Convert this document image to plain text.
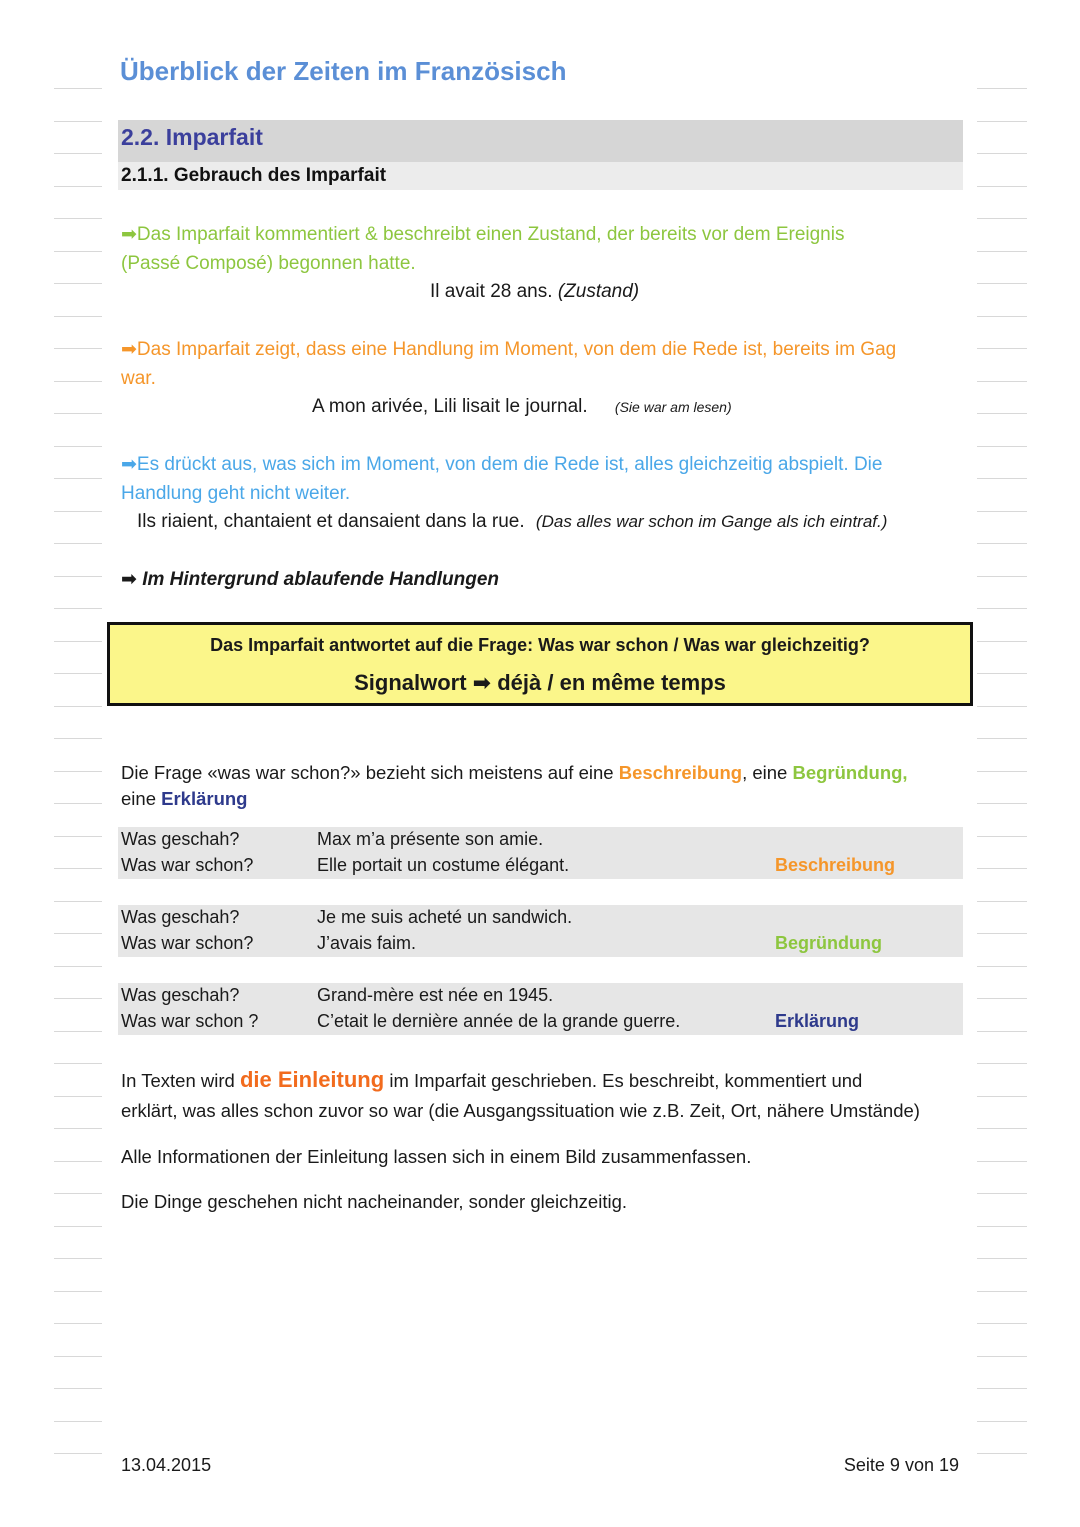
Überblick der Zeiten im Französisch
2.2. Imparfait
2.1.1. Gebrauch des Imparfait
➡Das Imparfait kommentiert & beschreibt einen Zustand, der bereits vor dem Ereignis
(Passé Composé) begonnen hatte.
Il avait 28 ans. (Zustand)
➡Das Imparfait zeigt, dass eine Handlung im Moment, von dem die Rede ist, bereits im Gag
war.
A mon arivée, Lili lisait le journal. (Sie war am lesen)
➡Es drückt aus, was sich im Moment, von dem die Rede ist, alles gleichzeitig abspielt. Die
Handlung geht nicht weiter.
Ils riaient, chantaient et dansaient dans la rue. (Das alles war schon im Gange als ich eintraf.)
➡ Im Hintergrund ablaufende Handlungen
Das Imparfait antwortet auf die Frage: Was war schon / Was war gleichzeitig?
Signalwort ➡ déjà / en même temps
Die Frage «was war schon?» bezieht sich meistens auf eine Beschreibung, eine Begründung,
eine Erklärung
Was geschah?	Max m’a présente son amie.
Was war schon?	Elle portait un costume élégant.	Beschreibung
Was geschah?	Je me suis acheté un sandwich.
Was war schon?	J’avais faim.	Begründung
Was geschah?	Grand-mère est née en 1945.
Was war schon ?	C’etait le dernière année de la grande guerre.	Erklärung
In Texten wird die Einleitung im Imparfait geschrieben. Es beschreibt, kommentiert und
erklärt, was alles schon zuvor so war (die Ausgangssituation wie z.B. Zeit, Ort, nähere Umstände)
Alle Informationen der Einleitung lassen sich in einem Bild zusammenfassen.
Die Dinge geschehen nicht nacheinander, sonder gleichzeitig.
13.04.2015	Seite 9 von 19
